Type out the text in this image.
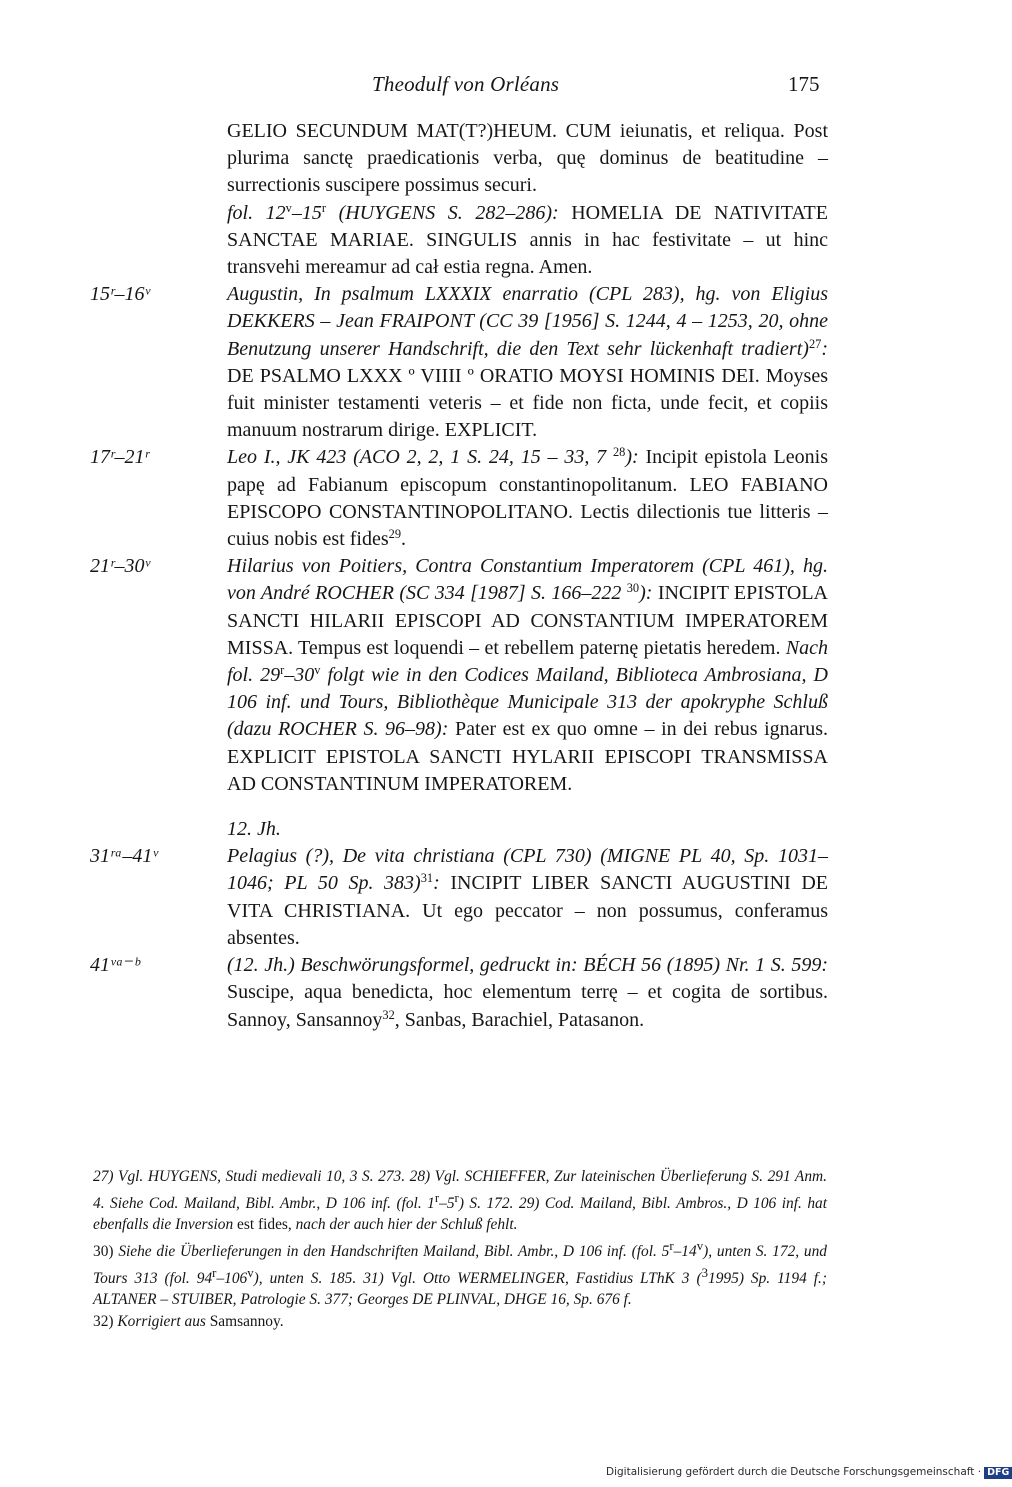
Theodulf von Orléans	175
GELIO SECUNDUM MAT(T?)HEUM. CUM ieiunatis, et reliqua. Post plurima sanctę praedicationis verba, quę dominus de beatitudine – surrectionis suscipere possimus securi.
fol. 12$^v$–15$^r$ (HUYGENS S. 282–286): HOMELIA DE NATIVITATE SANCTAE MARIAE. SINGULIS annis in hac festivitate – ut hinc transvehi mereamur ad cał estia regna. Amen.
15ʳ–16ᵛ	Augustin, In psalmum LXXXIX enarratio (CPL 283), hg. von Eligius DEKKERS – Jean FRAIPONT (CC 39 [1956] S. 1244, 4 – 1253, 20, ohne Benutzung unserer Handschrift, die den Text sehr lückenhaft tradiert)$^{27}$: DE PSALMO LXXX º VIIII º ORATIO MOYSI HOMINIS DEI. Moyses fuit minister testamenti veteris – et fide non ficta, unde fecit, et copiis manuum nostrarum dirige. EXPLICIT.
17ʳ–21ʳ	Leo I., JK 423 (ACO 2, 2, 1 S. 24, 15 – 33, 7 $^{28}$): Incipit epistola Leonis papę ad Fabianum episcopum constantinopolitanum. LEO FABIANO EPISCOPO CONSTANTINOPOLITANO. Lectis dilectionis tue litteris – cuius nobis est fides$^{29}$.
21ʳ–30ᵛ	Hilarius von Poitiers, Contra Constantium Imperatorem (CPL 461), hg. von André ROCHER (SC 334 [1987] S. 166–222 $^{30}$): INCIPIT EPISTOLA SANCTI HILARII EPISCOPI AD CONSTANTIUM IMPERATOREM MISSA. Tempus est loquendi – et rebellem paternę pietatis heredem. Nach fol. 29$^r$–30$^v$ folgt wie in den Codices Mailand, Biblioteca Ambrosiana, D 106 inf. und Tours, Bibliothèque Municipale 313 der apokryphe Schluß (dazu ROCHER S. 96–98): Pater est ex quo omne – in dei rebus ignarus. EXPLICIT EPISTOLA SANCTI HYLARII EPISCOPI TRANSMISSA AD CONSTANTINUM IMPERATOREM.
12. Jh.
31ʳᵃ–41ᵛ	Pelagius (?), De vita christiana (CPL 730) (MIGNE PL 40, Sp. 1031–1046; PL 50 Sp. 383)$^{31}$: INCIPIT LIBER SANCTI AUGUSTINI DE VITA CHRISTIANA. Ut ego peccator – non possumus, conferamus absentes.
41ᵛᵃ⁻ᵇ	(12. Jh.) Beschwörungsformel, gedruckt in: BÉCH 56 (1895) Nr. 1 S. 599: Suscipe, aqua benedicta, hoc elementum terrę – et cogita de sortibus. Sannoy, Sansannoy$^{32}$, Sanbas, Barachiel, Patasanon.
27) Vgl. HUYGENS, Studi medievali 10, 3 S. 273. 28) Vgl. SCHIEFFER, Zur lateinischen Überlieferung S. 291 Anm. 4. Siehe Cod. Mailand, Bibl. Ambr., D 106 inf. (fol. 1$^r$–5$^r$) S. 172. 29) Cod. Mailand, Bibl. Ambros., D 106 inf. hat ebenfalls die Inversion est fides, nach der auch hier der Schluß fehlt.
30) Siehe die Überlieferungen in den Handschriften Mailand, Bibl. Ambr., D 106 inf. (fol. 5$^r$–14$^v$), unten S. 172, und Tours 313 (fol. 94$^r$–106$^v$), unten S. 185. 31) Vgl. Otto WERMELINGER, Fastidius LThK 3 ($^3$1995) Sp. 1194 f.; ALTANER – STUIBER, Patrologie S. 377; Georges DE PLINVAL, DHGE 16, Sp. 676 f.
32) Korrigiert aus Samsannoy.
Digitalisierung gefördert durch die Deutsche Forschungsgemeinschaft · DFG
